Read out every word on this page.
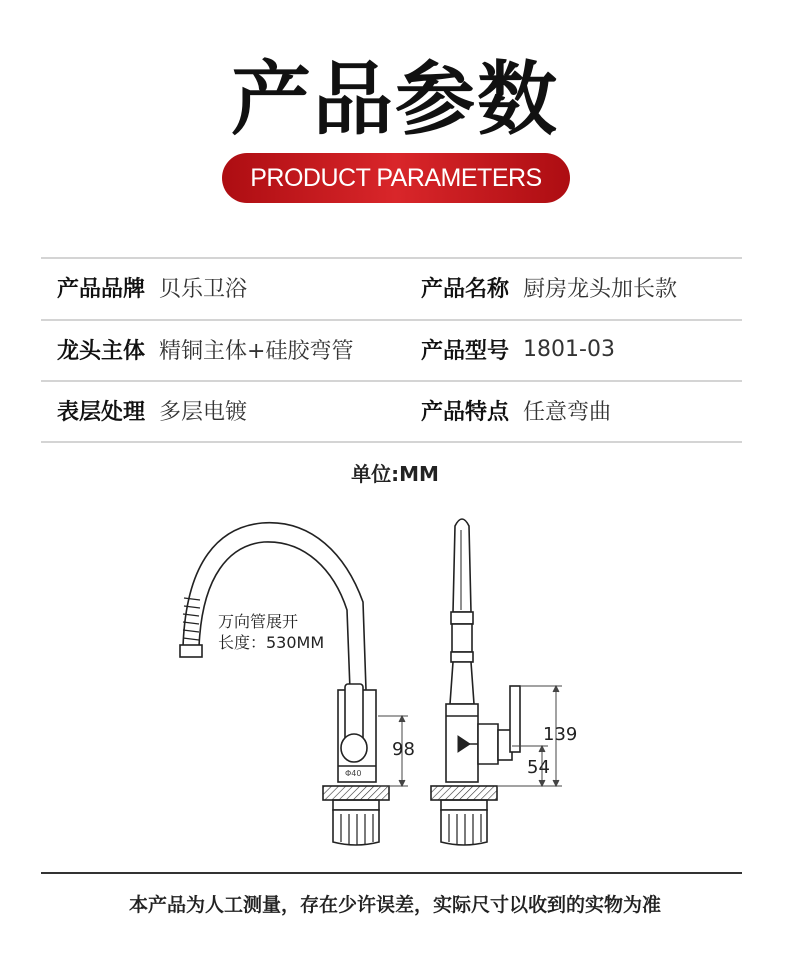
产品参数
PRODUCT PARAMETERS
产品品牌 贝乐卫浴	产品名称 厨房龙头加长款
龙头主体 精铜主体+硅胶弯管	产品型号 1801-03
表层处理 多层电镀	产品特点 任意弯曲
单位:MM
万向管展开
长度：530MM
98
Φ40
139
54
本产品为人工测量，存在少许误差，实际尺寸以收到的实物为准
